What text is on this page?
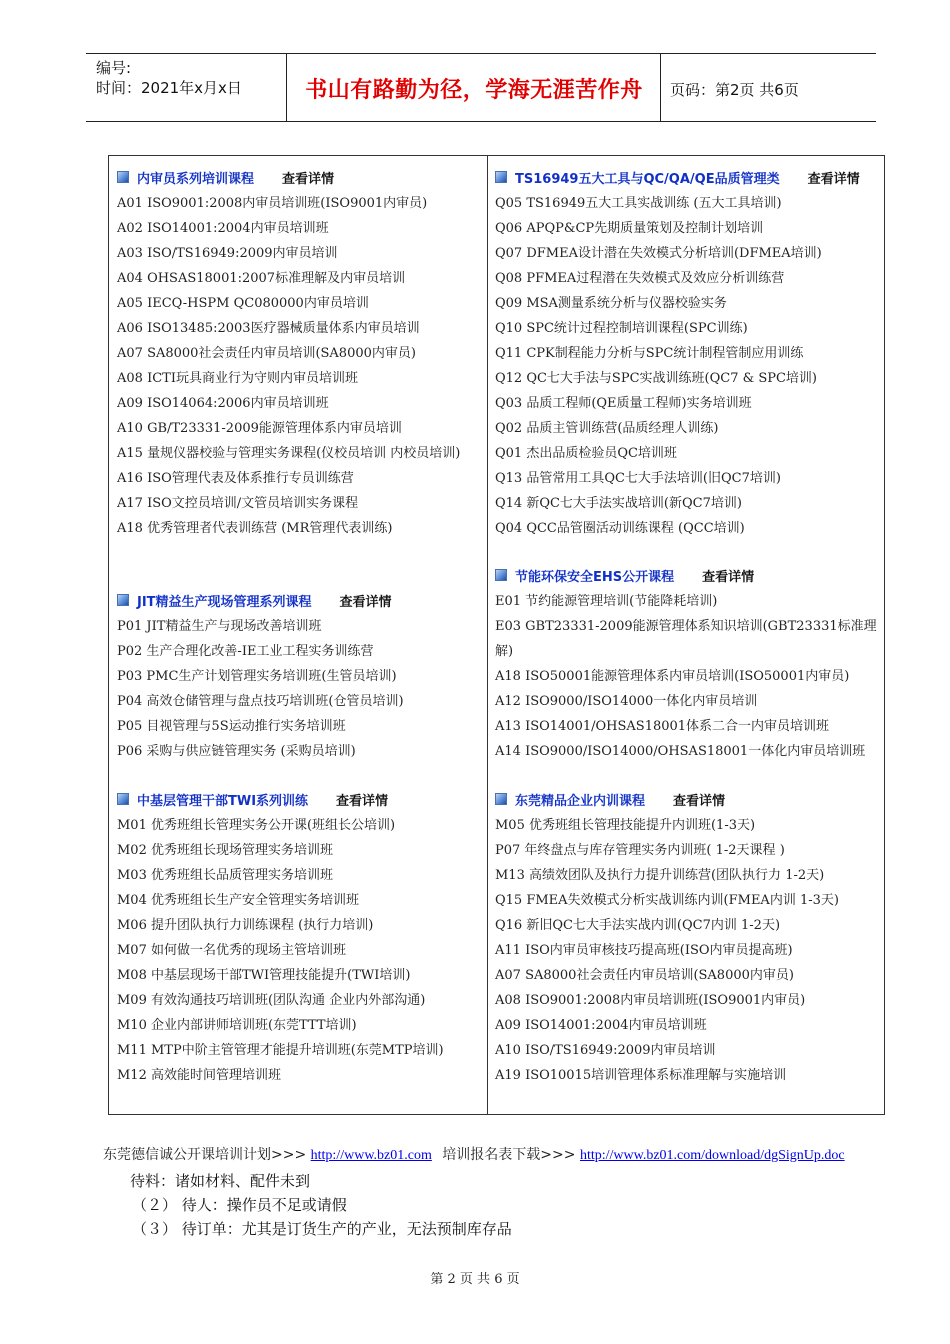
编号:
时间：2021年x月x日	书山有路勤为径，学海无涯苦作舟	页码：第2页 共6页
内审员系列培训课程 查看详情
A01 ISO9001:2008内审员培训班(ISO9001内审员)
A02 ISO14001:2004内审员培训班
A03 ISO/TS16949:2009内审员培训
A04 OHSAS18001:2007标准理解及内审员培训
A05 IECQ-HSPM QC080000内审员培训
A06 ISO13485:2003医疗器械质量体系内审员培训
A07 SA8000社会责任内审员培训(SA8000内审员)
A08 ICTI玩具商业行为守则内审员培训班
A09 ISO14064:2006内审员培训班
A10 GB/T23331-2009能源管理体系内审员培训
A15 量规仪器校验与管理实务课程(仪校员培训 内校员培训)
A16 ISO管理代表及体系推行专员训练营
A17 ISO文控员培训/文管员培训实务课程
A18 优秀管理者代表训练营 (MR管理代表训练)
JIT精益生产现场管理系列课程 查看详情
P01 JIT精益生产与现场改善培训班
P02 生产合理化改善-IE工业工程实务训练营
P03 PMC生产计划管理实务培训班(生管员培训)
P04 高效仓储管理与盘点技巧培训班(仓管员培训)
P05 目视管理与5S运动推行实务培训班
P06 采购与供应链管理实务 (采购员培训)
中基层管理干部TWI系列训练 查看详情
M01 优秀班组长管理实务公开课(班组长公培训)
M02 优秀班组长现场管理实务培训班
M03 优秀班组长品质管理实务培训班
M04 优秀班组长生产安全管理实务培训班
M06 提升团队执行力训练课程 (执行力培训)
M07 如何做一名优秀的现场主管培训班
M08 中基层现场干部TWI管理技能提升(TWI培训)
M09 有效沟通技巧培训班(团队沟通 企业内外部沟通)
M10 企业内部讲师培训班(东莞TTT培训)
M11 MTP中阶主管管理才能提升培训班(东莞MTP培训)
M12 高效能时间管理培训班
TS16949五大工具与QC/QA/QE品质管理类 查看详情
Q05 TS16949五大工具实战训练 (五大工具培训)
Q06 APQP&CP先期质量策划及控制计划培训
Q07 DFMEA设计潜在失效模式分析培训(DFMEA培训)
Q08 PFMEA过程潜在失效模式及效应分析训练营
Q09 MSA测量系统分析与仪器校验实务
Q10 SPC统计过程控制培训课程(SPC训练)
Q11 CPK制程能力分析与SPC统计制程管制应用训练
Q12 QC七大手法与SPC实战训练班(QC7 & SPC培训)
Q03 品质工程师(QE质量工程师)实务培训班
Q02 品质主管训练营(品质经理人训练)
Q01 杰出品质检验员QC培训班
Q13 品管常用工具QC七大手法培训(旧QC7培训)
Q14 新QC七大手法实战培训(新QC7培训)
Q04 QCC品管圈活动训练课程 (QCC培训)
节能环保安全EHS公开课程 查看详情
E01 节约能源管理培训(节能降耗培训)
E03 GBT23331-2009能源管理体系知识培训(GBT23331标准理解)
A18 ISO50001能源管理体系内审员培训(ISO50001内审员)
A12 ISO9000/ISO14000一体化内审员培训
A13 ISO14001/OHSAS18001体系二合一内审员培训班
A14 ISO9000/ISO14000/OHSAS18001一体化内审员培训班
东莞精品企业内训课程 查看详情
M05 优秀班组长管理技能提升内训班(1-3天)
P07 年终盘点与库存管理实务内训班( 1-2天课程 )
M13 高绩效团队及执行力提升训练营(团队执行力 1-2天)
Q15 FMEA失效模式分析实战训练内训(FMEA内训 1-3天)
Q16 新旧QC七大手法实战内训(QC7内训 1-2天)
A11 ISO内审员审核技巧提高班(ISO内审员提高班)
A07 SA8000社会责任内审员培训(SA8000内审员)
A08 ISO9001:2008内审员培训班(ISO9001内审员)
A09 ISO14001:2004内审员培训班
A10 ISO/TS16949:2009内审员培训
A19 ISO10015培训管理体系标准理解与实施培训
东莞德信诚公开课培训计划>>> http://www.bz01.com 培训报名表下载>>> http://www.bz01.com/download/dgSignUp.doc
待料：诸如材料、配件未到
（２） 待人：操作员不足或请假
（３） 待订单：尤其是订货生产的产业，无法预制库存品
第 2 页 共 6 页
